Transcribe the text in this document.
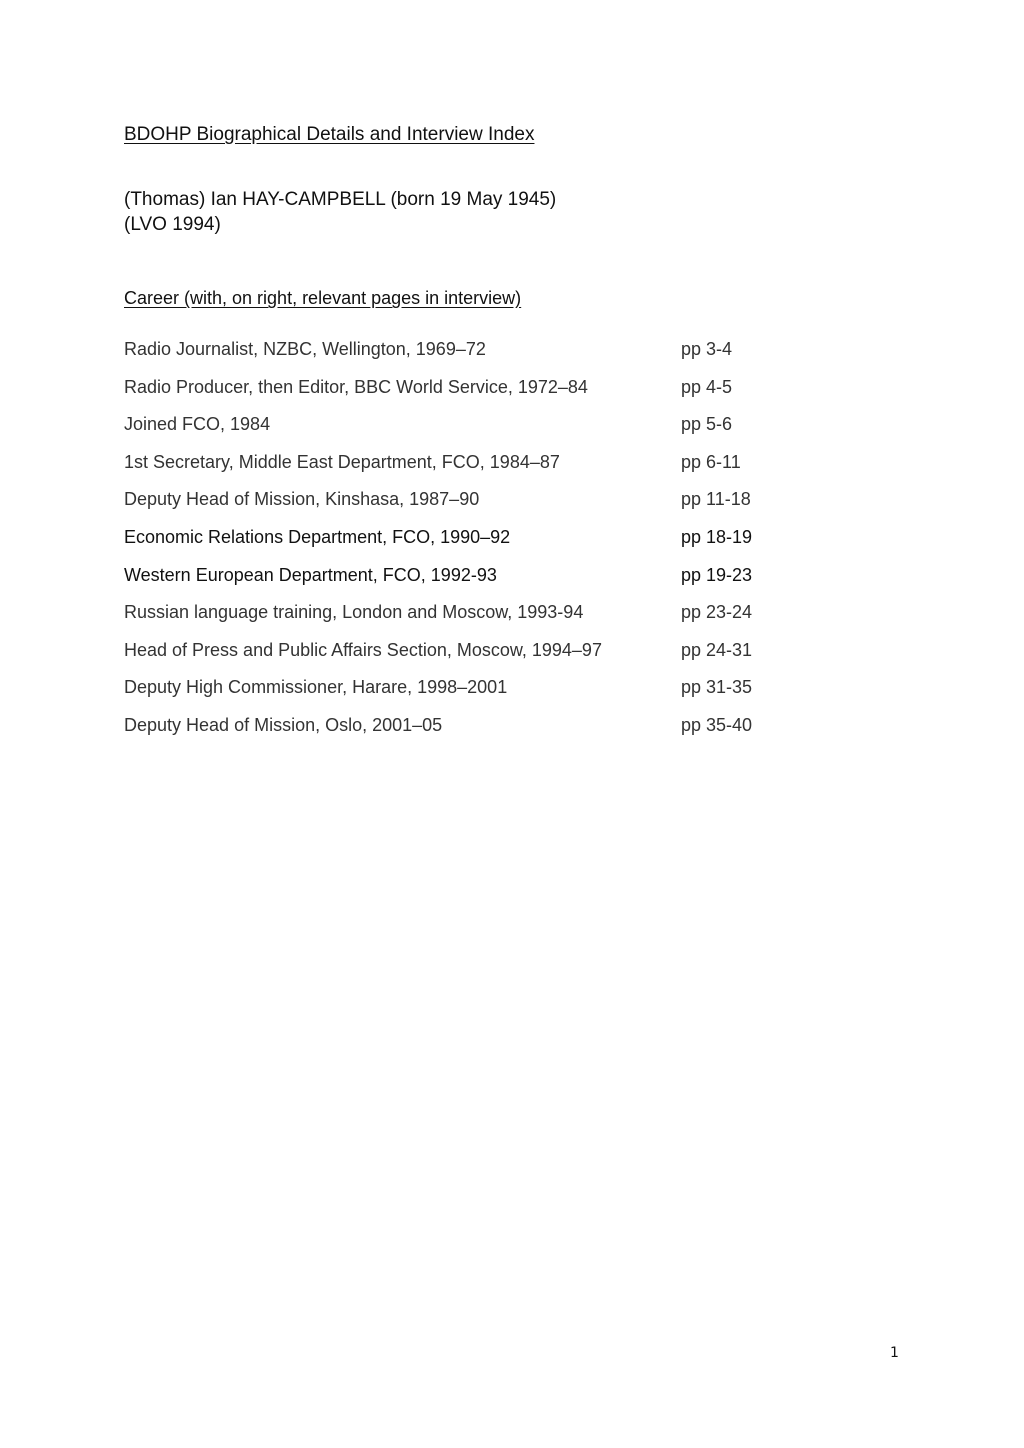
BDOHP Biographical Details and Interview Index
(Thomas) Ian HAY-CAMPBELL (born 19 May 1945)
(LVO 1994)
Career (with, on right, relevant pages in interview)
Radio Journalist, NZBC, Wellington, 1969–72	pp 3-4
Radio Producer, then Editor, BBC World Service, 1972–84	pp 4-5
Joined FCO, 1984	pp 5-6
1st Secretary, Middle East Department, FCO, 1984–87	pp 6-11
Deputy Head of Mission, Kinshasa, 1987–90	pp 11-18
Economic Relations Department, FCO, 1990–92	pp 18-19
Western European Department, FCO, 1992-93	pp 19-23
Russian language training, London and Moscow, 1993-94	pp 23-24
Head of Press and Public Affairs Section, Moscow, 1994–97	pp 24-31
Deputy High Commissioner, Harare, 1998–2001	pp 31-35
Deputy Head of Mission, Oslo, 2001–05	pp 35-40
1
